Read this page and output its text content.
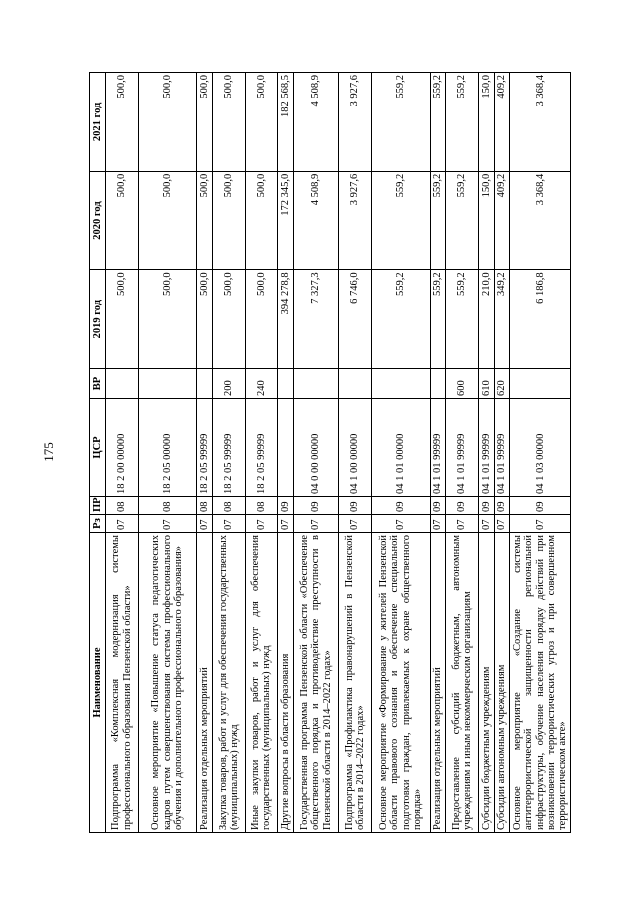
175
Наименование	Рз	ПР	ЦСР	ВР	2019 год	2020 год	2021 год
Подпрограмма «Комплексная модернизация системы профессионального образования Пензенской области»	07	08	18 2 00 00000		500,0	500,0	500,0
Основное мероприятие «Повышение статуса педагогических кадров путем совершенствования системы профессионального обучения и дополнительного профессионального образования»	07	08	18 2 05 00000		500,0	500,0	500,0
Реализация отдельных мероприятий	07	08	18 2 05 99999		500,0	500,0	500,0
Закупка товаров, работ и услуг для обеспечения государственных (муниципальных) нужд	07	08	18 2 05 99999	200	500,0	500,0	500,0
Иные закупки товаров, работ и услуг для обеспечения государственных (муниципальных) нужд	07	08	18 2 05 99999	240	500,0	500,0	500,0
Другие вопросы в области образования	07	09			394 278,8	172 345,0	182 568,5
Государственная программа Пензенской области «Обеспечение общественного порядка и противодействие преступности в Пензенской области в 2014–2022 годах»	07	09	04 0 00 00000		7 327,3	4 508,9	4 508,9
Подпрограмма «Профилактика правонарушений в Пензенской области в 2014–2022 годах»	07	09	04 1 00 00000		6 746,0	3 927,6	3 927,6
Основное мероприятие «Формирование у жителей Пензенской области правового сознания и обеспечение специальной подготовки граждан, привлекаемых к охране общественного порядка»	07	09	04 1 01 00000		559,2	559,2	559,2
Реализация отдельных мероприятий	07	09	04 1 01 99999		559,2	559,2	559,2
Предоставление субсидий бюджетным, автономным учреждениям и иным некоммерческим организациям	07	09	04 1 01 99999	600	559,2	559,2	559,2
Субсидии бюджетным учреждениям	07	09	04 1 01 99999	610	210,0	150,0	150,0
Субсидии автономным учреждениям	07	09	04 1 01 99999	620	349,2	409,2	409,2
Основное мероприятие «Создание системы антитеррористической защищенности региональной инфраструктуры, обучение населения порядку действий при возникновении террористических угроз и при совершенном террористическом акте»	07	09	04 1 03 00000		6 186,8	3 368,4	3 368,4
